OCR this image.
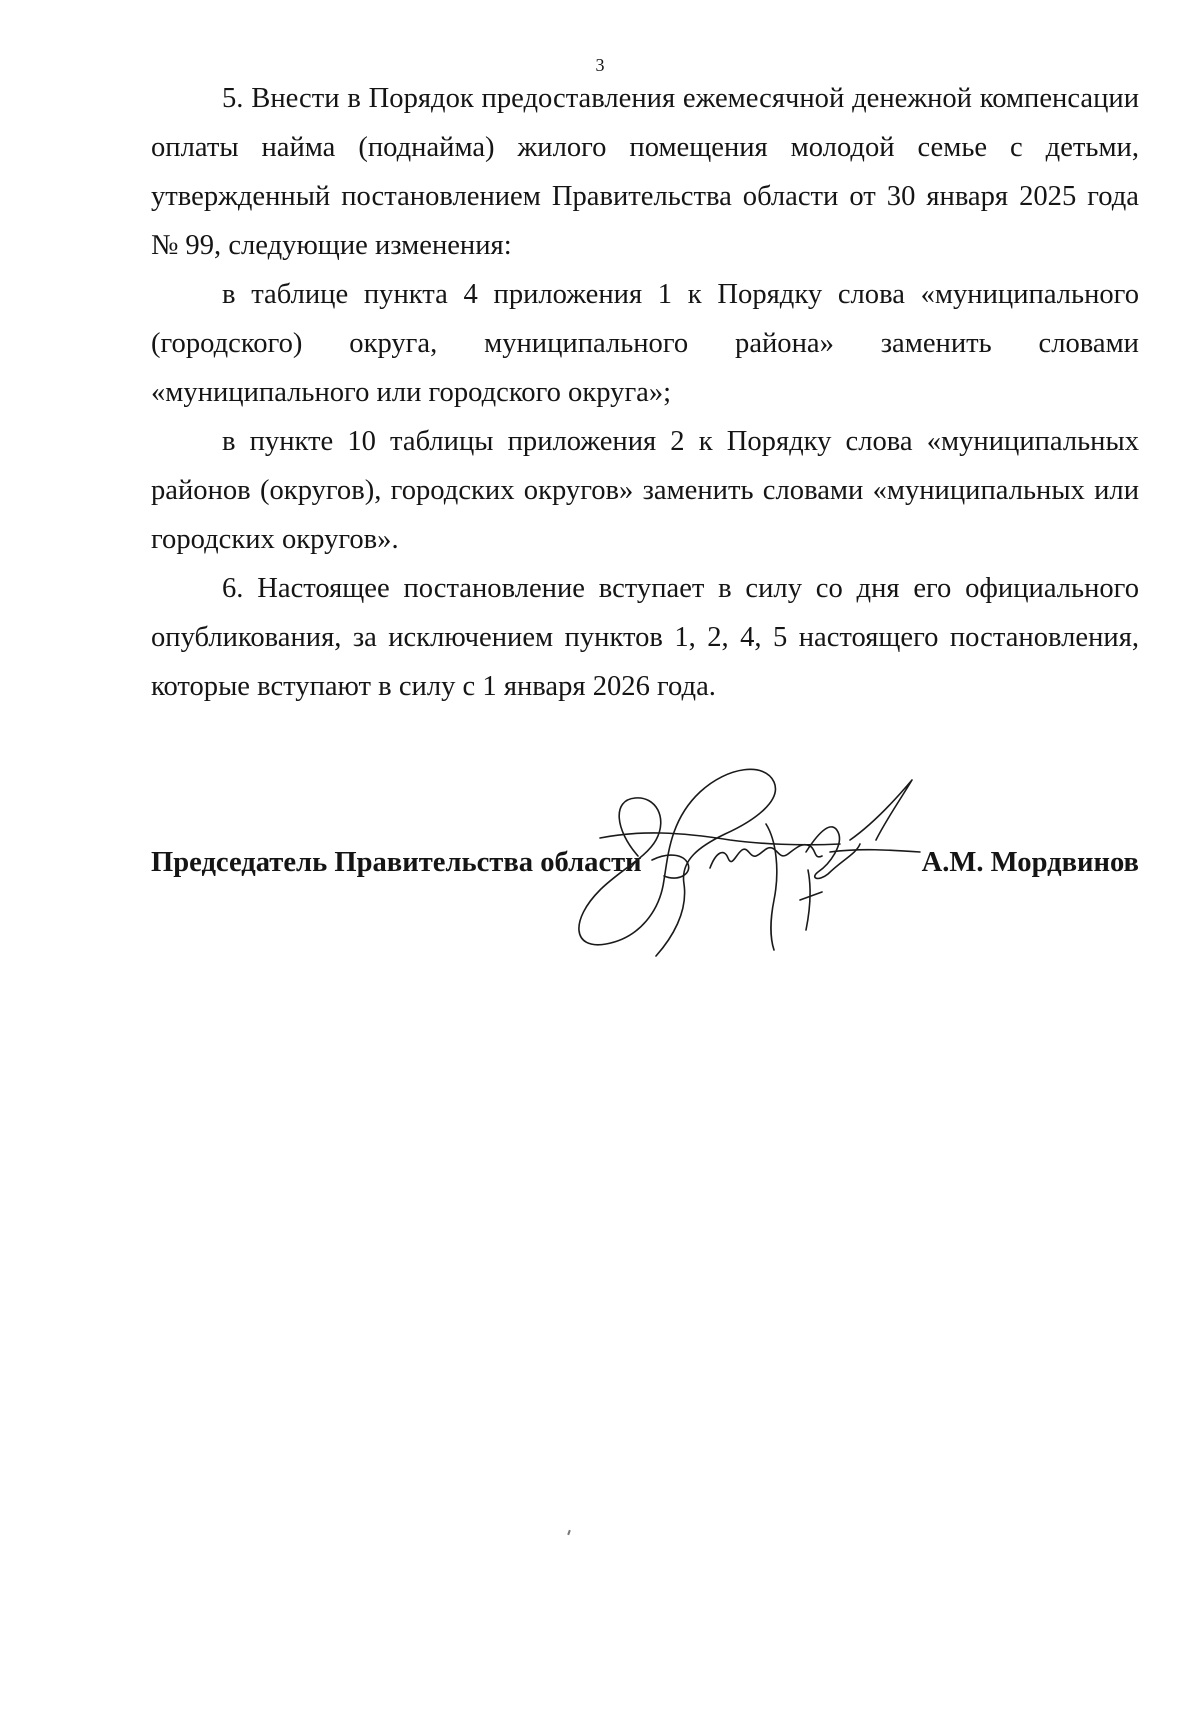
3

5. Внести в Порядок предоставления ежемесячной денежной компенсации оплаты найма (поднайма) жилого помещения молодой семье с детьми, утвержденный постановлением Правительства области от 30 января 2025 года № 99, следующие изменения:

в таблице пункта 4 приложения 1 к Порядку слова «муниципального (городского) округа, муниципального района» заменить словами «муниципального или городского округа»;

в пункте 10 таблицы приложения 2 к Порядку слова «муниципальных районов (округов), городских округов» заменить словами «муниципальных или городских округов».

6. Настоящее постановление вступает в силу со дня его официального опубликования, за исключением пунктов 1, 2, 4, 5 настоящего постановления, которые вступают в силу с 1 января 2026 года.

Председатель Правительства области	А.М. Мордвинов
